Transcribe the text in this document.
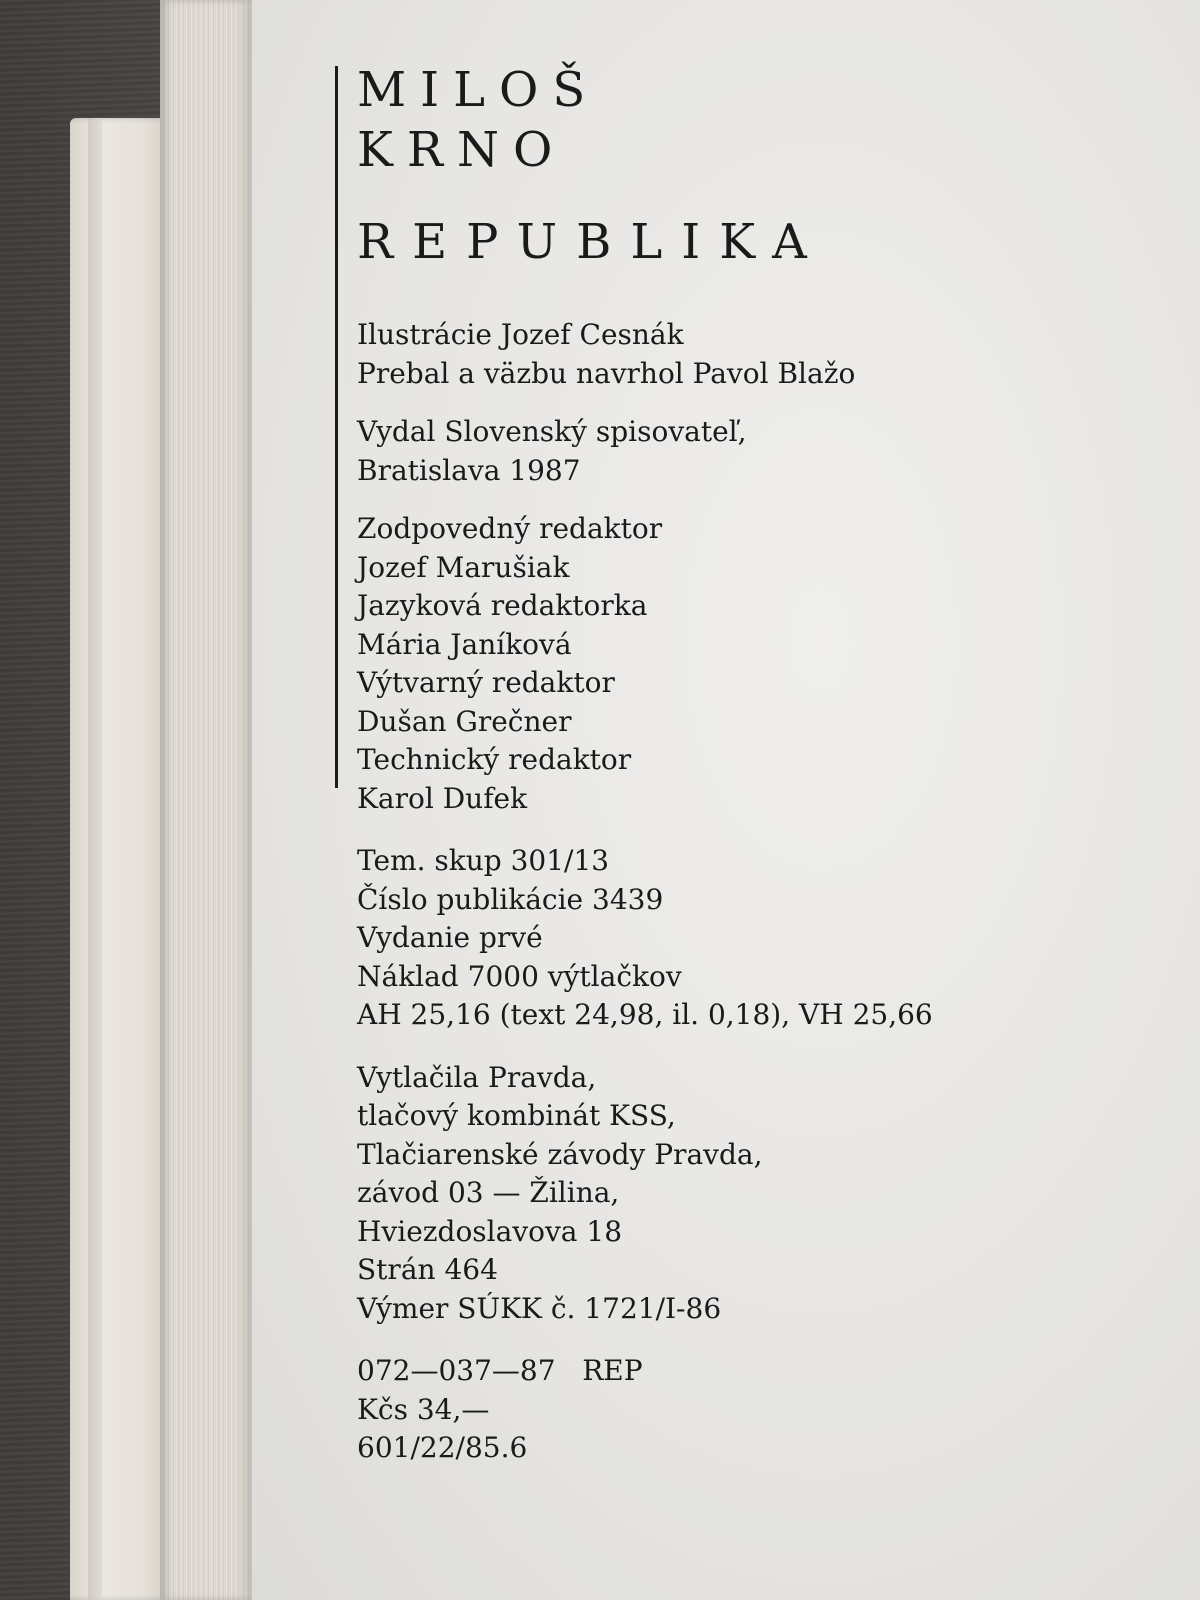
MILOŠ

KRNO

REPUBLIKA

Ilustrácie Jozef Cesnák

Prebal a väzbu navrhol Pavol Blažo

Vydal Slovenský spisovateľ,

Bratislava 1987

Zodpovedný redaktor

Jozef Marušiak

Jazyková redaktorka

Mária Janíková

Výtvarný redaktor

Dušan Grečner

Technický redaktor

Karol Dufek

Tem. skup 301/13

Číslo publikácie 3439

Vydanie prvé

Náklad 7000 výtlačkov

AH 25,16 (text 24,98, il. 0,18), VH 25,66

Vytlačila Pravda,

tlačový kombinát KSS,

Tlačiarenské závody Pravda,

závod 03 — Žilina,

Hviezdoslavova 18

Strán 464

Výmer SÚKK č. 1721/I-86

072—037—87   REP

Kčs 34,—

601/22/85.6
